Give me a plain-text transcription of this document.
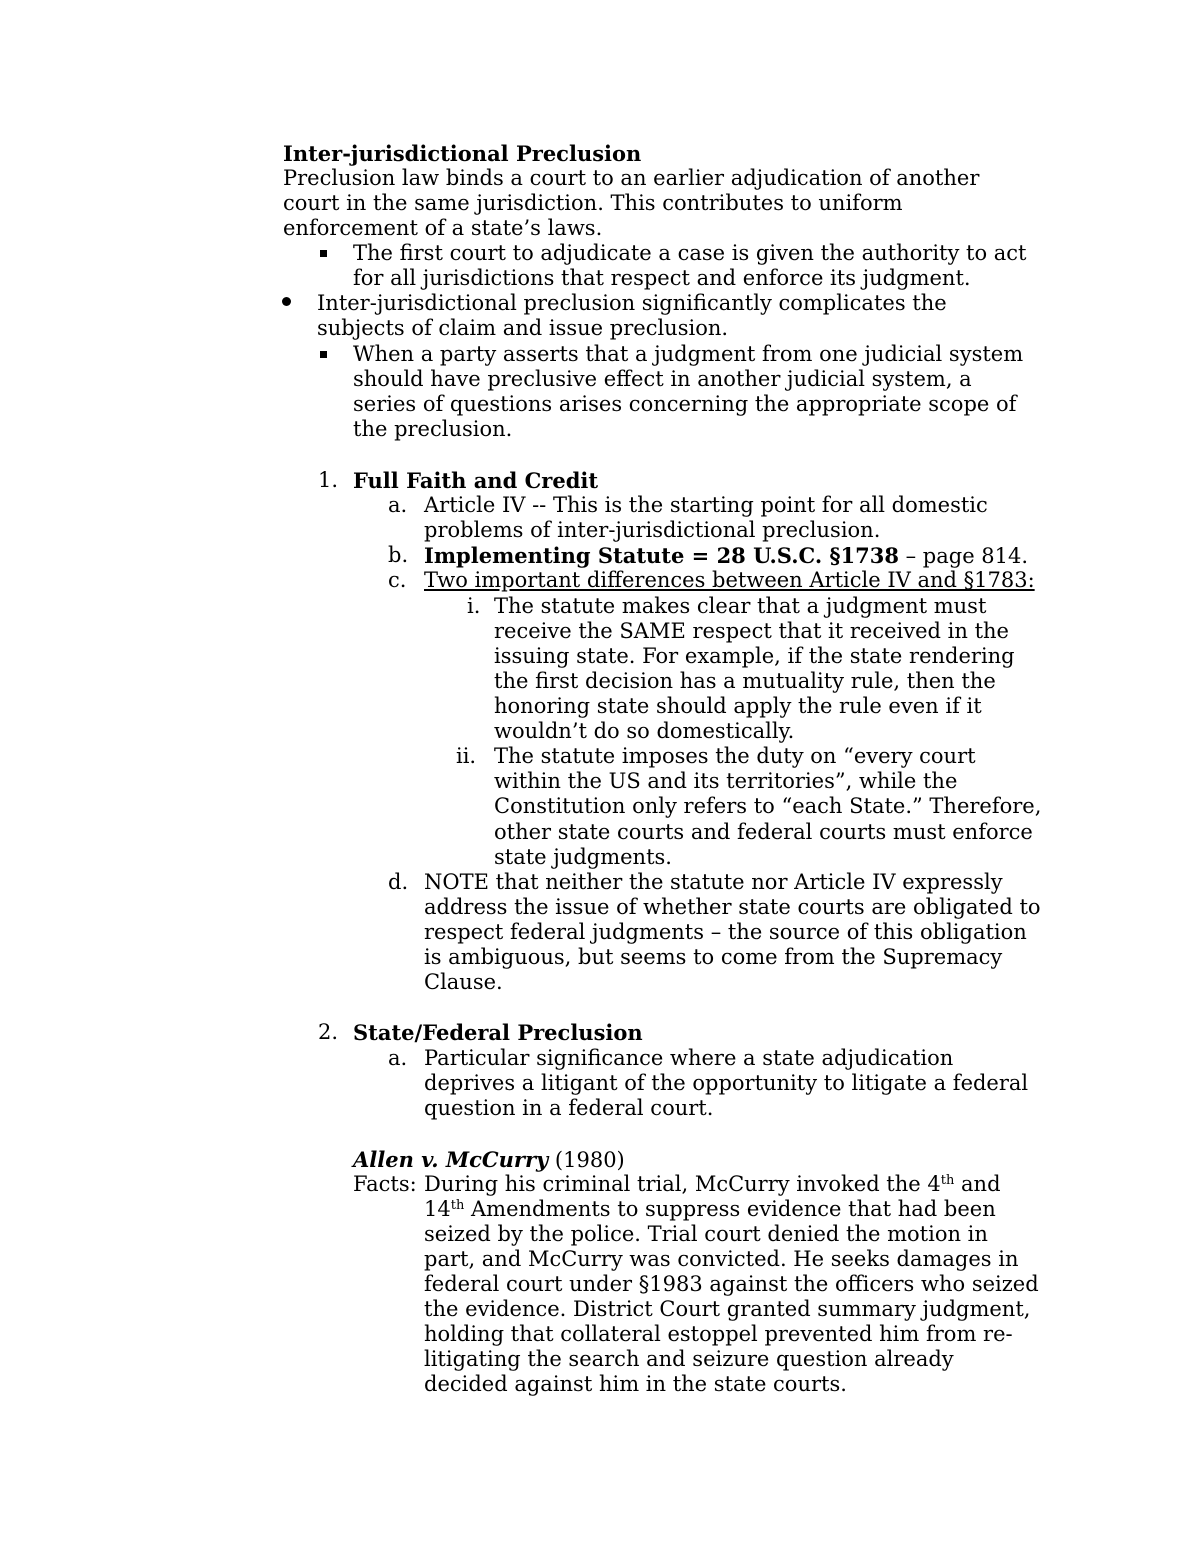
Inter-jurisdictional Preclusion
Preclusion law binds a court to an earlier adjudication of another
court in the same jurisdiction. This contributes to uniform
enforcement of a state’s laws.
The first court to adjudicate a case is given the authority to act
for all jurisdictions that respect and enforce its judgment.
Inter-jurisdictional preclusion significantly complicates the
subjects of claim and issue preclusion.
When a party asserts that a judgment from one judicial system
should have preclusive effect in another judicial system, a
series of questions arises concerning the appropriate scope of
the preclusion.
1. Full Faith and Credit
a. Article IV -- This is the starting point for all domestic
problems of inter-jurisdictional preclusion.
b. Implementing Statute = 28 U.S.C. §1738 – page 814.
c. Two important differences between Article IV and §1783:
i. The statute makes clear that a judgment must
receive the SAME respect that it received in the
issuing state. For example, if the state rendering
the first decision has a mutuality rule, then the
honoring state should apply the rule even if it
wouldn’t do so domestically.
ii. The statute imposes the duty on “every court
within the US and its territories”, while the
Constitution only refers to “each State.” Therefore,
other state courts and federal courts must enforce
state judgments.
d. NOTE that neither the statute nor Article IV expressly
address the issue of whether state courts are obligated to
respect federal judgments – the source of this obligation
is ambiguous, but seems to come from the Supremacy
Clause.
2. State/Federal Preclusion
a. Particular significance where a state adjudication
deprives a litigant of the opportunity to litigate a federal
question in a federal court.
Allen v. McCurry (1980)
Facts: During his criminal trial, McCurry invoked the 4th and
14th Amendments to suppress evidence that had been
seized by the police. Trial court denied the motion in
part, and McCurry was convicted. He seeks damages in
federal court under §1983 against the officers who seized
the evidence. District Court granted summary judgment,
holding that collateral estoppel prevented him from re-
litigating the search and seizure question already
decided against him in the state courts.
